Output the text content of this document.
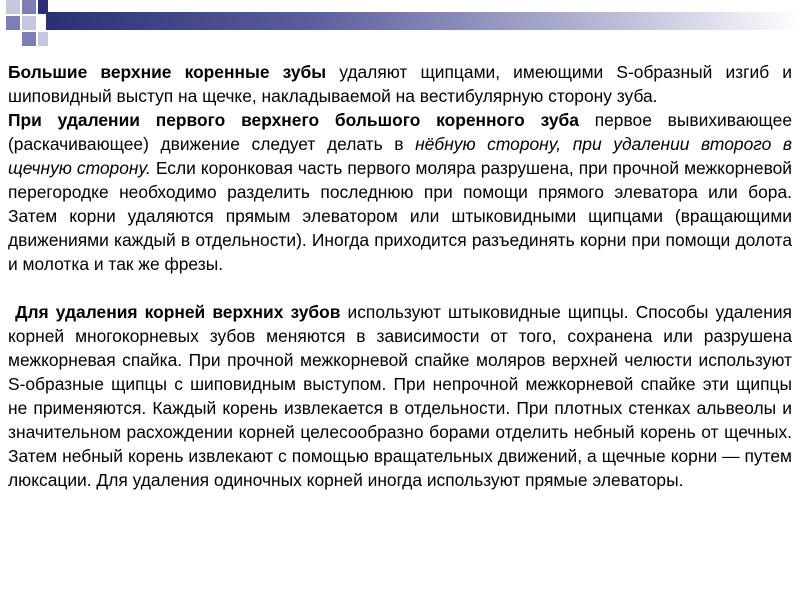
Большие верхние коренные зубы удаляют щипцами, имеющими S-образный изгиб и шиповидный выступ на щечке, накладываемой на вестибулярную сторону зуба.

При удалении первого верхнего большого коренного зуба первое вывихивающее (раскачивающее) движение следует делать в нёбную сторону, при удалении второго в щечную сторону. Если коронковая часть первого моляра разрушена, при прочной межкорневой перегородке необходимо разделить последнюю при помощи прямого элеватора или бора. Затем корни удаляются прямым элеватором или штыковидными щипцами (вращающими движениями каждый в отдельности). Иногда приходится разъединять корни при помощи долота и молотка и так же фрезы.

Для удаления корней верхних зубов используют штыковидные щипцы. Способы удаления корней многокорневых зубов меняются в зависимости от того, сохранена или разрушена межкорневая спайка. При прочной межкорневой спайке моляров верхней челюсти используют S-образные щипцы с шиповидным выступом. При непрочной межкорневой спайке эти щипцы не применяются. Каждый корень извлекается в отдельности. При плотных стенках альвеолы и значительном расхождении корней целесообразно борами отделить небный корень от щечных. Затем небный корень извлекают с помощью вращательных движений, а щечные корни — путем люксации. Для удаления одиночных корней иногда используют прямые элеваторы.
